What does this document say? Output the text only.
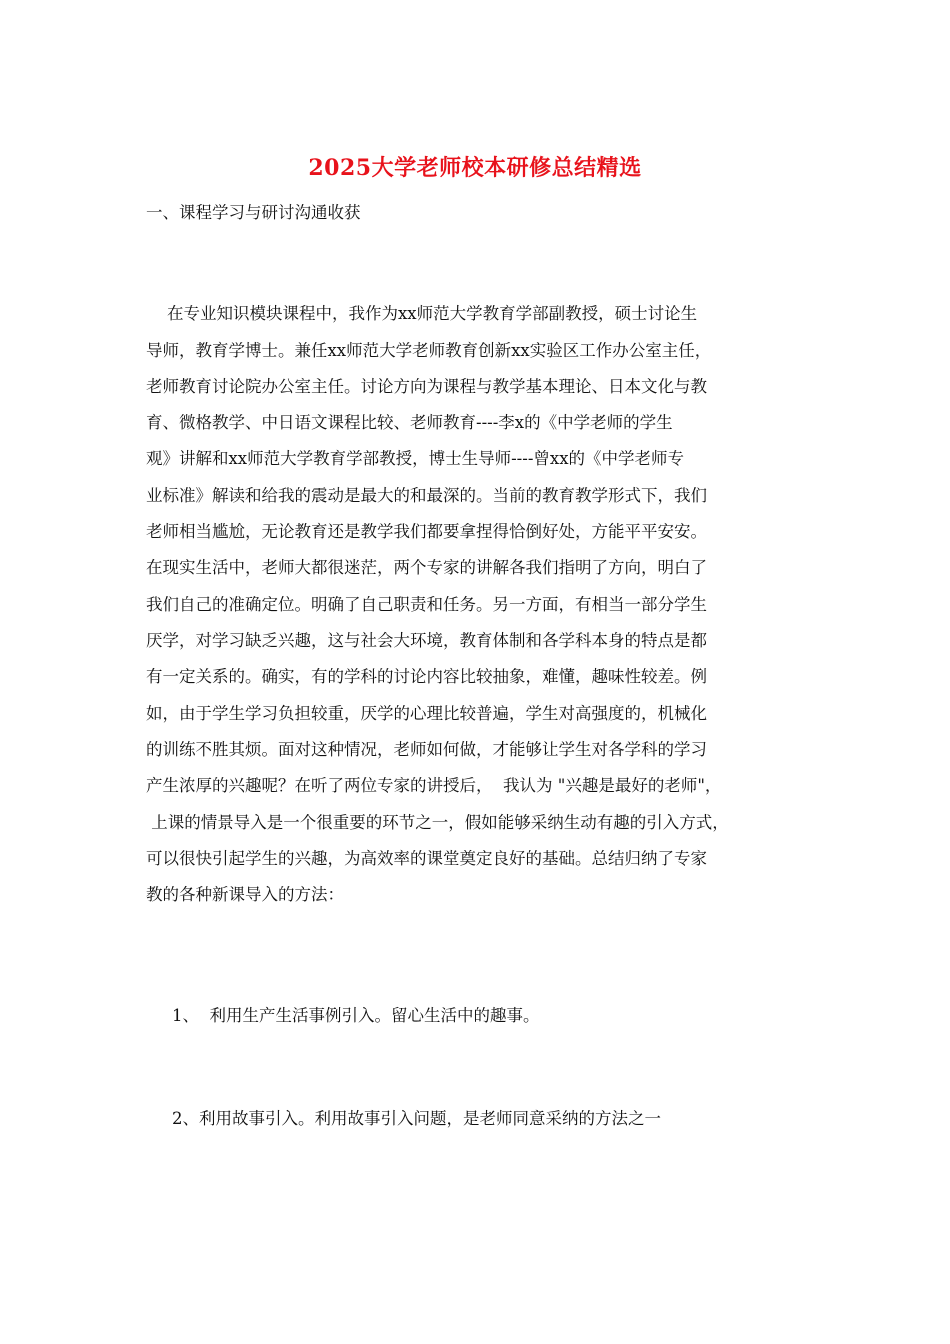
2025大学老师校本研修总结精选
一、课程学习与研讨沟通收获
在专业知识模块课程中，我作为xx师范大学教育学部副教授，硕士讨论生
导师，教育学博士。兼任xx师范大学老师教育创新xx实验区工作办公室主任，
老师教育讨论院办公室主任。讨论方向为课程与教学基本理论、日本文化与教
育、微格教学、中日语文课程比较、老师教育----李x的《中学老师的学生
观》讲解和xx师范大学教育学部教授，博士生导师----曾xx的《中学老师专
业标准》解读和给我的震动是最大的和最深的。当前的教育教学形式下，我们
老师相当尴尬，无论教育还是教学我们都要拿捏得恰倒好处，方能平平安安。
在现实生活中，老师大都很迷茫，两个专家的讲解各我们指明了方向，明白了
我们自己的准确定位。明确了自己职责和任务。另一方面，有相当一部分学生
厌学，对学习缺乏兴趣，这与社会大环境，教育体制和各学科本身的特点是都
有一定关系的。确实，有的学科的讨论内容比较抽象，难懂，趣味性较差。例
如，由于学生学习负担较重，厌学的心理比较普遍，学生对高强度的，机械化
的训练不胜其烦。面对这种情况，老师如何做，才能够让学生对各学科的学习
产生浓厚的兴趣呢？在听了两位专家的讲授后，  我认为 "兴趣是最好的老师"，
上课的情景导入是一个很重要的环节之一，假如能够采纳生动有趣的引入方式，
可以很快引起学生的兴趣，为高效率的课堂奠定良好的基础。总结归纳了专家
教的各种新课导入的方法：
1、  利用生产生活事例引入。留心生活中的趣事。
2、利用故事引入。利用故事引入问题，是老师同意采纳的方法之一
